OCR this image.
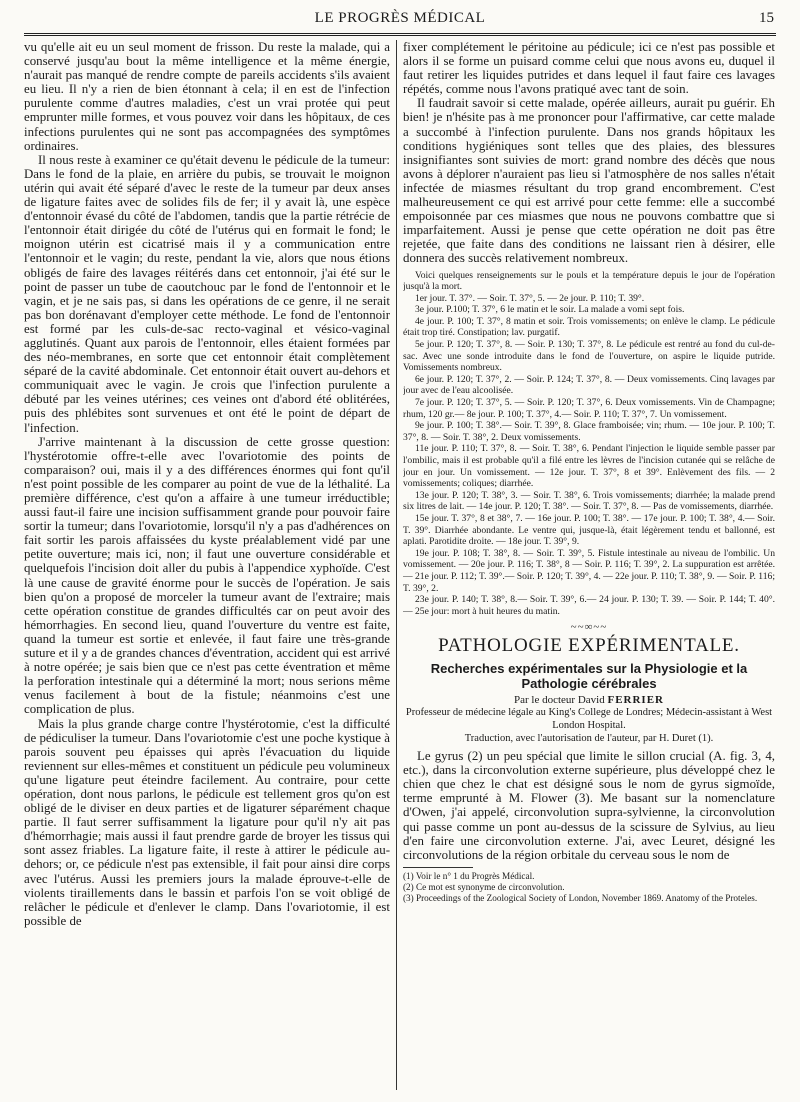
LE PROGRÈS MÉDICAL	15

vu qu'elle ait eu un seul moment de frisson. Du reste la malade, qui a conservé jusqu'au bout la même intelligence et la même énergie, n'aurait pas manqué de rendre compte de pareils accidents s'ils avaient eu lieu. Il n'y a rien de bien étonnant à cela; il en est de l'infection purulente comme d'autres maladies, c'est un vrai protée qui peut emprunter mille formes, et vous pouvez voir dans les hôpitaux, de ces infections purulentes qui ne sont pas accompagnées des symptômes ordinaires.

Il nous reste à examiner ce qu'était devenu le pédicule de la tumeur: Dans le fond de la plaie, en arrière du pubis, se trouvait le moignon utérin qui avait été séparé d'avec le reste de la tumeur par deux anses de ligature faites avec de solides fils de fer; il y avait là, une espèce d'entonnoir évasé du côté de l'abdomen, tandis que la partie rétrécie de l'entonnoir était dirigée du côté de l'utérus qui en formait le fond; le moignon utérin est cicatrisé mais il y a communication entre l'entonnoir et le vagin; du reste, pendant la vie, alors que nous étions obligés de faire des lavages réitérés dans cet entonnoir, j'ai été sur le point de passer un tube de caoutchouc par le fond de l'entonnoir et le vagin, et je ne sais pas, si dans les opérations de ce genre, il ne serait pas bon dorénavant d'employer cette méthode. Le fond de l'entonnoir est formé par les culs-de-sac recto-vaginal et vésico-vaginal agglutinés. Quant aux parois de l'entonnoir, elles étaient formées par des néo-membranes, en sorte que cet entonnoir était complètement séparé de la cavité abdominale. Cet entonnoir était ouvert au-dehors et communiquait avec le vagin. Je crois que l'infection purulente a débuté par les veines utérines; ces veines ont d'abord été oblitérées, puis des phlébites sont survenues et ont été le point de départ de l'infection.

J'arrive maintenant à la discussion de cette grosse question: l'hystérotomie offre-t-elle avec l'ovariotomie des points de comparaison? oui, mais il y a des différences énormes qui font qu'il n'est point possible de les comparer au point de vue de la léthalité. La première différence, c'est qu'on a affaire à une tumeur irréductible; aussi faut-il faire une incision suffisamment grande pour pouvoir faire sortir la tumeur; dans l'ovariotomie, lorsqu'il n'y a pas d'adhérences on fait sortir les parois affaissées du kyste préalablement vidé par une petite ouverture; mais ici, non; il faut une ouverture considérable et quelquefois l'incision doit aller du pubis à l'appendice xyphoïde. C'est là une cause de gravité énorme pour le succès de l'opération. Je sais bien qu'on a proposé de morceler la tumeur avant de l'extraire; mais cette opération constitue de grandes difficultés car on peut avoir des hémorrhagies. En second lieu, quand l'ouverture du ventre est faite, quand la tumeur est sortie et enlevée, il faut faire une très-grande suture et il y a de grandes chances d'éventration, accident qui est arrivé à notre opérée; je sais bien que ce n'est pas cette éventration et même la perforation intestinale qui a déterminé la mort; nous serions même venus facilement à bout de la fistule; néanmoins c'est une complication de plus.

Mais la plus grande charge contre l'hystérotomie, c'est la difficulté de pédiculiser la tumeur. Dans l'ovariotomie c'est une poche kystique à parois souvent peu épaisses qui après l'évacuation du liquide reviennent sur elles-mêmes et constituent un pédicule peu volumineux qu'une ligature peut éteindre facilement. Au contraire, pour cette opération, dont nous parlons, le pédicule est tellement gros qu'on est obligé de le diviser en deux parties et de ligaturer séparément chaque partie. Il faut serrer suffisamment la ligature pour qu'il n'y ait pas d'hémorrhagie; mais aussi il faut prendre garde de broyer les tissus qui sont assez friables. La ligature faite, il reste à attirer le pédicule au-dehors; or, ce pédicule n'est pas extensible, il fait pour ainsi dire corps avec l'utérus. Aussi les premiers jours la malade éprouve-t-elle de violents tiraillements dans le bassin et parfois l'on se voit obligé de relâcher le pédicule et d'enlever le clamp. Dans l'ovariotomie, il est possible de

fixer complétement le péritoine au pédicule; ici ce n'est pas possible et alors il se forme un puisard comme celui que nous avons eu, duquel il faut retirer les liquides putrides et dans lequel il faut faire ces lavages répétés, comme nous l'avons pratiqué avec tant de soin.

Il faudrait savoir si cette malade, opérée ailleurs, aurait pu guérir. Eh bien! je n'hésite pas à me prononcer pour l'affirmative, car cette malade a succombé à l'infection purulente. Dans nos grands hôpitaux les conditions hygiéniques sont telles que des plaies, des blessures insignifiantes sont suivies de mort: grand nombre des décès que nous avons à déplorer n'auraient pas lieu si l'atmosphère de nos salles n'était infectée de miasmes résultant du trop grand encombrement. C'est malheureusement ce qui est arrivé pour cette femme: elle a succombé empoisonnée par ces miasmes que nous ne pouvons combattre que si imparfaitement. Aussi je pense que cette opération ne doit pas être rejetée, que faite dans des conditions ne laissant rien à désirer, elle donnera des succès relativement nombreux.

Voici quelques renseignements sur le pouls et la température depuis le jour de l'opération jusqu'à la mort.

1er jour. T. 37°. — Soir. T. 37°, 5. — 2e jour. P. 110; T. 39°.

3e jour. P.100; T. 37°, 6 le matin et le soir. La malade a vomi sept fois.

4e jour. P. 100; T. 37°, 8 matin et soir. Trois vomissements; on enlève le clamp. Le pédicule était trop tiré. Constipation; lav. purgatif.

5e jour. P. 120; T. 37°, 8. — Soir. P. 130; T. 37°, 8. Le pédicule est rentré au fond du cul-de-sac. Avec une sonde introduite dans le fond de l'ouverture, on aspire le liquide putride. Vomissements nombreux.

6e jour. P. 120; T. 37°, 2. — Soir. P. 124; T. 37°, 8. — Deux vomissements. Cinq lavages par jour avec de l'eau alcoolisée.

7e jour. P. 120; T. 37°, 5. — Soir. P. 120; T. 37°, 6. Deux vomissements. Vin de Champagne; rhum, 120 gr.— 8e jour. P. 100; T. 37°, 4.— Soir. P. 110; T. 37°, 7. Un vomissement.

9e jour. P. 100; T. 38°.— Soir. T. 39°, 8. Glace framboisée; vin; rhum. — 10e jour. P. 100; T. 37°, 8. — Soir. T. 38°, 2. Deux vomissements.

11e jour. P. 110; T. 37°, 8. — Soir. T. 38°, 6. Pendant l'injection le liquide semble passer par l'ombilic, mais il est probable qu'il a filé entre les lèvres de l'incision cutanée qui se relâche de jour en jour. Un vomissement. — 12e jour. T. 37°, 8 et 39°. Enlèvement des fils. — 2 vomissements; coliques; diarrhée.

13e jour. P. 120; T. 38°, 3. — Soir. T. 38°, 6. Trois vomissements; diarrhée; la malade prend six litres de lait. — 14e jour. P. 120; T. 38°. — Soir. T. 37°, 8. — Pas de vomissements, diarrhée.

15e jour. T. 37°, 8 et 38°, 7. — 16e jour. P. 100; T. 38°. — 17e jour. P. 100; T. 38°, 4.— Soir. T. 39°. Diarrhée abondante. Le ventre qui, jusque-là, était légèrement tendu et ballonné, est aplati. Parotidite droite. — 18e jour. T. 39°, 9.

19e jour. P. 108; T. 38°, 8. — Soir. T. 39°, 5. Fistule intestinale au niveau de l'ombilic. Un vomissement. — 20e jour. P. 116; T. 38°, 8 — Soir. P. 116; T. 39°, 2. La suppuration est arrêtée. — 21e jour. P. 112; T. 39°.— Soir. P. 120; T. 39°, 4. — 22e jour. P. 110; T. 38°, 9. — Soir. P. 116; T. 39°, 2.

23e jour. P. 140; T. 38°, 8.— Soir. T. 39°, 6.— 24 jour. P. 130; T. 39. — Soir. P. 144; T. 40°. — 25e jour: mort à huit heures du matin.

~~∞~~
PATHOLOGIE EXPÉRIMENTALE.
Recherches expérimentales sur la Physiologie et la Pathologie cérébrales

Par le docteur David FERRIER

Professeur de médecine légale au King's College de Londres; Médecin-assistant à West London Hospital.

Traduction, avec l'autorisation de l'auteur, par H. Duret (1).

Le gyrus (2) un peu spécial que limite le sillon crucial (A. fig. 3, 4, etc.), dans la circonvolution externe supérieure, plus développé chez le chien que chez le chat est désigné sous le nom de gyrus sigmoïde, terme emprunté à M. Flower (3). Me basant sur la nomenclature d'Owen, j'ai appelé, circonvolution supra-sylvienne, la circonvolution qui passe comme un pont au-dessus de la scissure de Sylvius, au lieu d'en faire une circonvolution externe. J'ai, avec Leuret, désigné les circonvolutions de la région orbitale du cerveau sous le nom de

(1) Voir le n° 1 du Progrès Médical.
(2) Ce mot est synonyme de circonvolution.
(3) Proceedings of the Zoological Society of London, November 1869. Anatomy of the Proteles.
